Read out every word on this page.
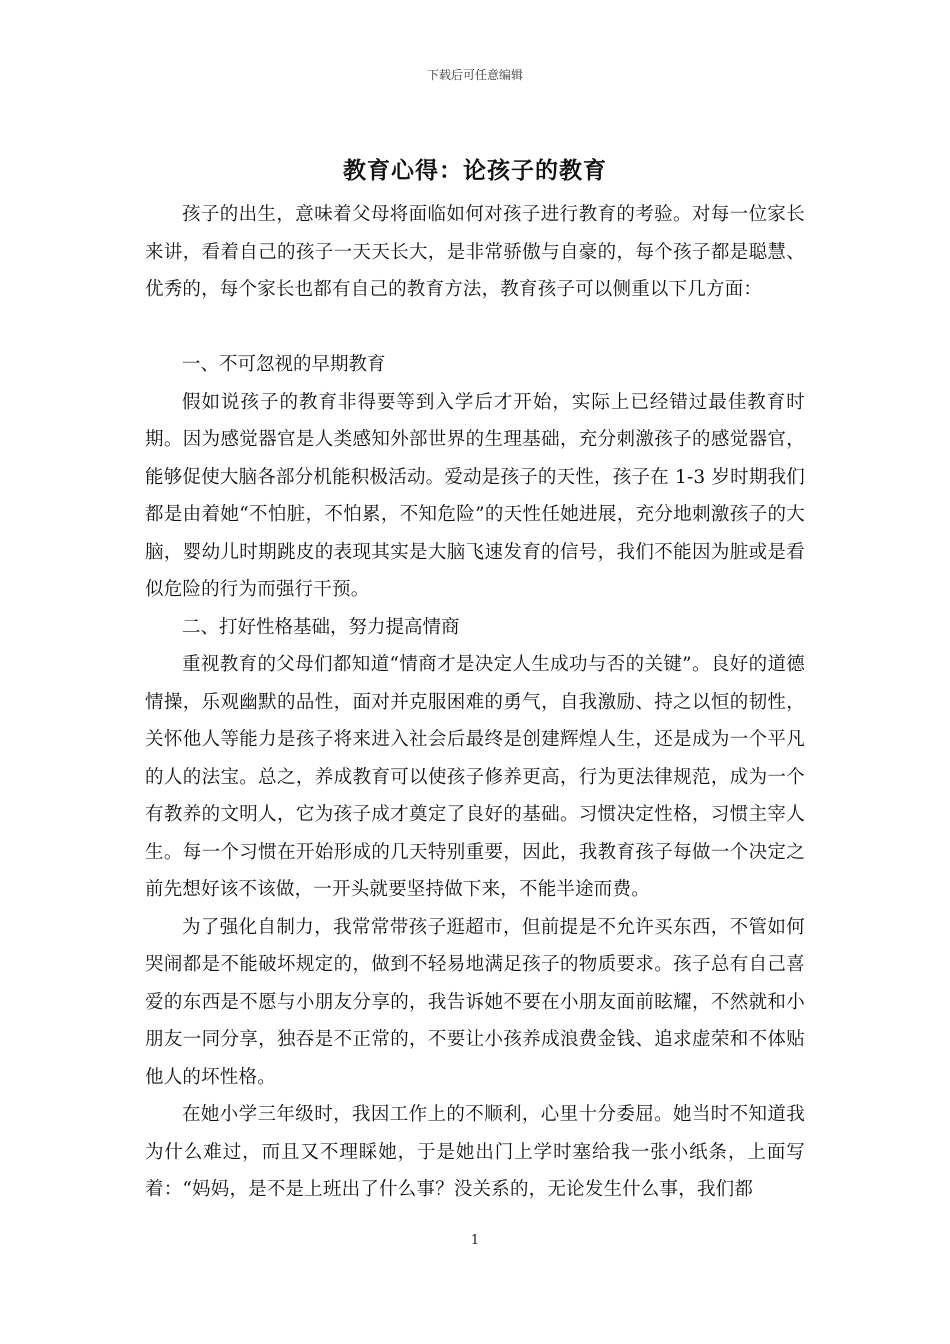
下载后可任意编辑
教育心得：论孩子的教育

孩子的出生，意味着父母将面临如何对孩子进行教育的考验。对每一位家长来讲，看着自己的孩子一天天长大，是非常骄傲与自豪的，每个孩子都是聪慧、优秀的，每个家长也都有自己的教育方法，教育孩子可以侧重以下几方面：

一、不可忽视的早期教育

假如说孩子的教育非得要等到入学后才开始，实际上已经错过最佳教育时期。因为感觉器官是人类感知外部世界的生理基础，充分刺激孩子的感觉器官，能够促使大脑各部分机能积极活动。爱动是孩子的天性，孩子在 1-3 岁时期我们都是由着她“不怕脏，不怕累，不知危险”的天性任她进展，充分地刺激孩子的大脑，婴幼儿时期跳皮的表现其实是大脑飞速发育的信号，我们不能因为脏或是看似危险的行为而强行干预。

二、打好性格基础，努力提高情商

重视教育的父母们都知道“情商才是决定人生成功与否的关键”。良好的道德情操，乐观幽默的品性，面对并克服困难的勇气，自我激励、持之以恒的韧性，关怀他人等能力是孩子将来进入社会后最终是创建辉煌人生，还是成为一个平凡的人的法宝。总之，养成教育可以使孩子修养更高，行为更法律规范，成为一个有教养的文明人，它为孩子成才奠定了良好的基础。习惯决定性格，习惯主宰人生。每一个习惯在开始形成的几天特别重要，因此，我教育孩子每做一个决定之前先想好该不该做，一开头就要坚持做下来，不能半途而费。

为了强化自制力，我常常带孩子逛超市，但前提是不允许买东西，不管如何哭闹都是不能破坏规定的，做到不轻易地满足孩子的物质要求。孩子总有自己喜爱的东西是不愿与小朋友分享的，我告诉她不要在小朋友面前眩耀，不然就和小朋友一同分享，独吞是不正常的，不要让小孩养成浪费金钱、追求虚荣和不体贴他人的坏性格。

在她小学三年级时，我因工作上的不顺利，心里十分委屈。她当时不知道我为什么难过，而且又不理睬她，于是她出门上学时塞给我一张小纸条，上面写着：“妈妈，是不是上班出了什么事？没关系的，无论发生什么事，我们都

1
